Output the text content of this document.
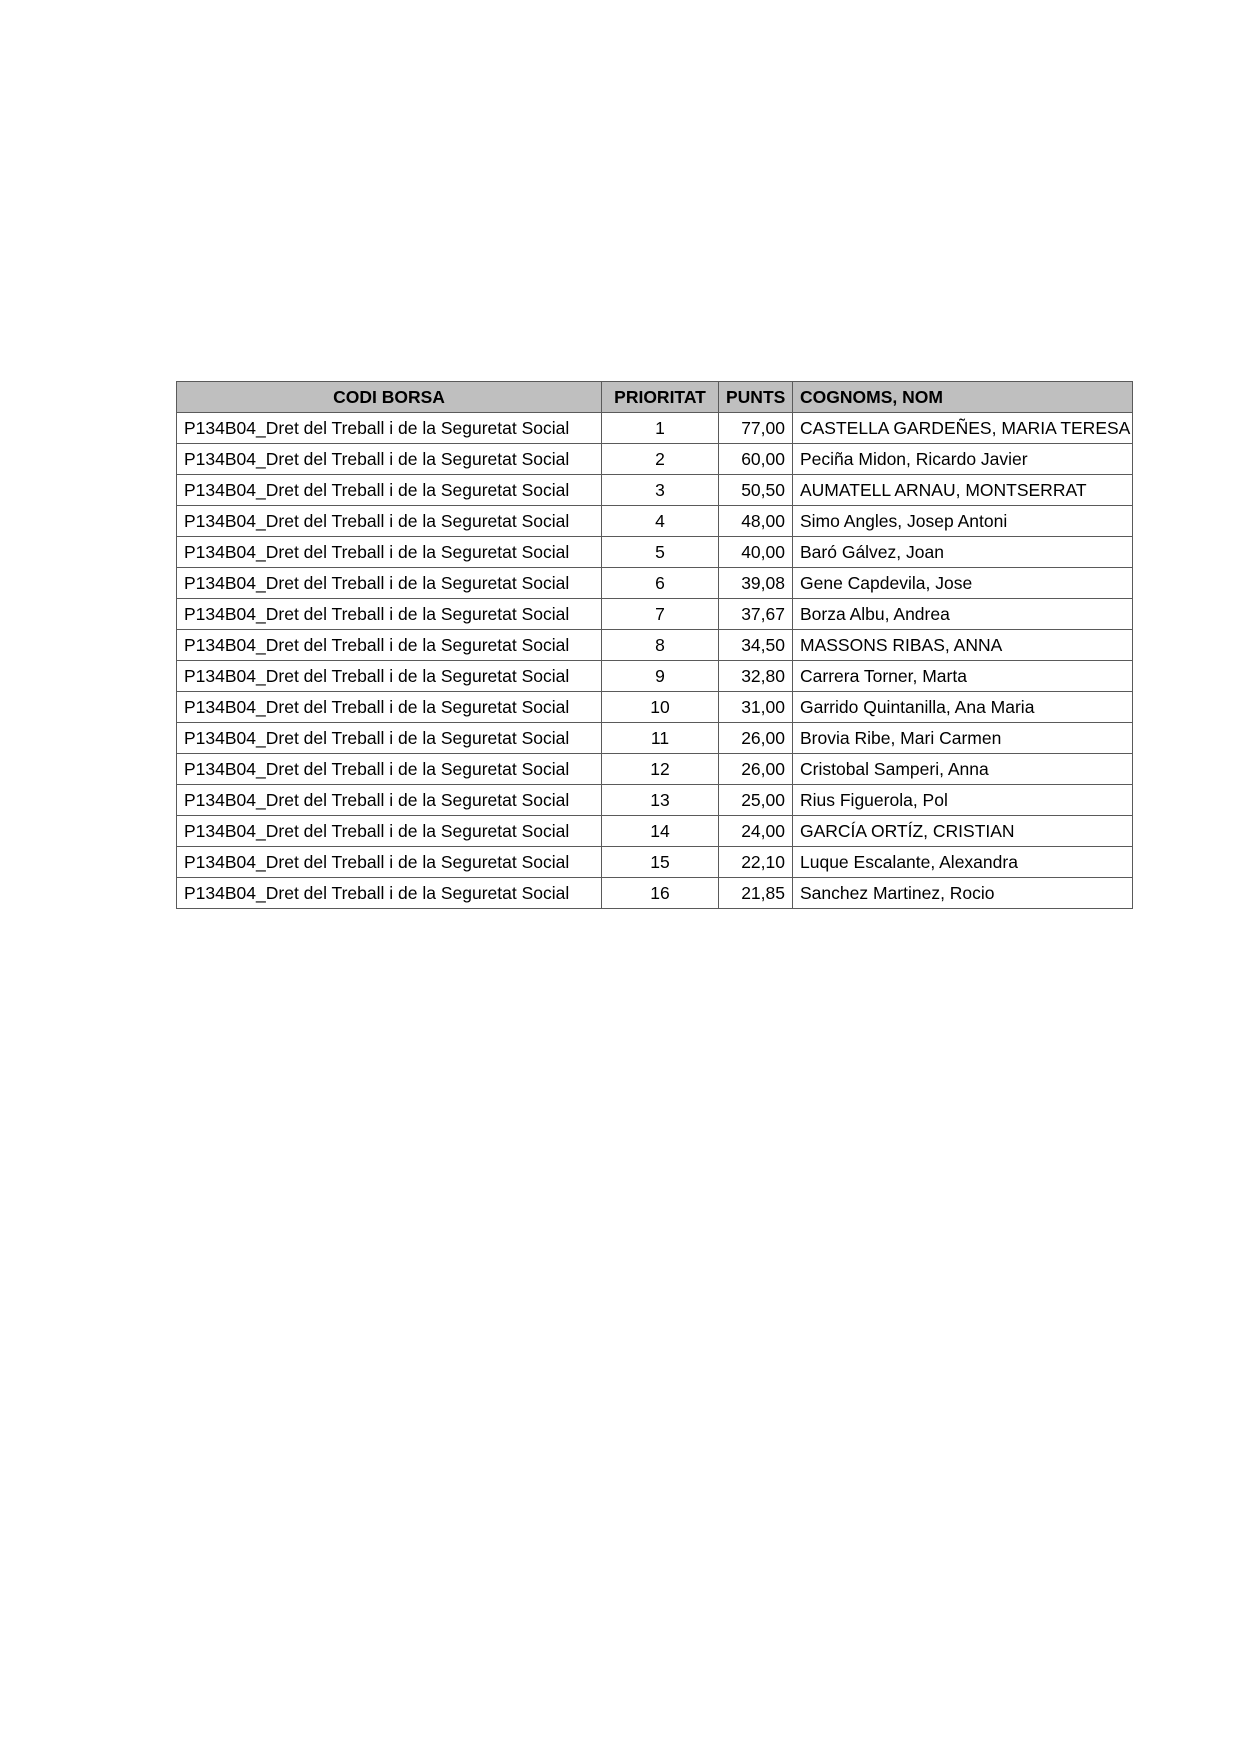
CODI BORSA	PRIORITAT	PUNTS	COGNOMS, NOM
P134B04_Dret del Treball i de la Seguretat Social	1	77,00	CASTELLA GARDEÑES, MARIA TERESA
P134B04_Dret del Treball i de la Seguretat Social	2	60,00	Peciña Midon, Ricardo Javier
P134B04_Dret del Treball i de la Seguretat Social	3	50,50	AUMATELL ARNAU, MONTSERRAT
P134B04_Dret del Treball i de la Seguretat Social	4	48,00	Simo Angles, Josep Antoni
P134B04_Dret del Treball i de la Seguretat Social	5	40,00	Baró Gálvez, Joan
P134B04_Dret del Treball i de la Seguretat Social	6	39,08	Gene Capdevila, Jose
P134B04_Dret del Treball i de la Seguretat Social	7	37,67	Borza Albu, Andrea
P134B04_Dret del Treball i de la Seguretat Social	8	34,50	MASSONS RIBAS, ANNA
P134B04_Dret del Treball i de la Seguretat Social	9	32,80	Carrera Torner, Marta
P134B04_Dret del Treball i de la Seguretat Social	10	31,00	Garrido Quintanilla, Ana Maria
P134B04_Dret del Treball i de la Seguretat Social	11	26,00	Brovia Ribe, Mari Carmen
P134B04_Dret del Treball i de la Seguretat Social	12	26,00	Cristobal Samperi, Anna
P134B04_Dret del Treball i de la Seguretat Social	13	25,00	Rius Figuerola, Pol
P134B04_Dret del Treball i de la Seguretat Social	14	24,00	GARCÍA ORTÍZ, CRISTIAN
P134B04_Dret del Treball i de la Seguretat Social	15	22,10	Luque Escalante, Alexandra
P134B04_Dret del Treball i de la Seguretat Social	16	21,85	Sanchez Martinez, Rocio
